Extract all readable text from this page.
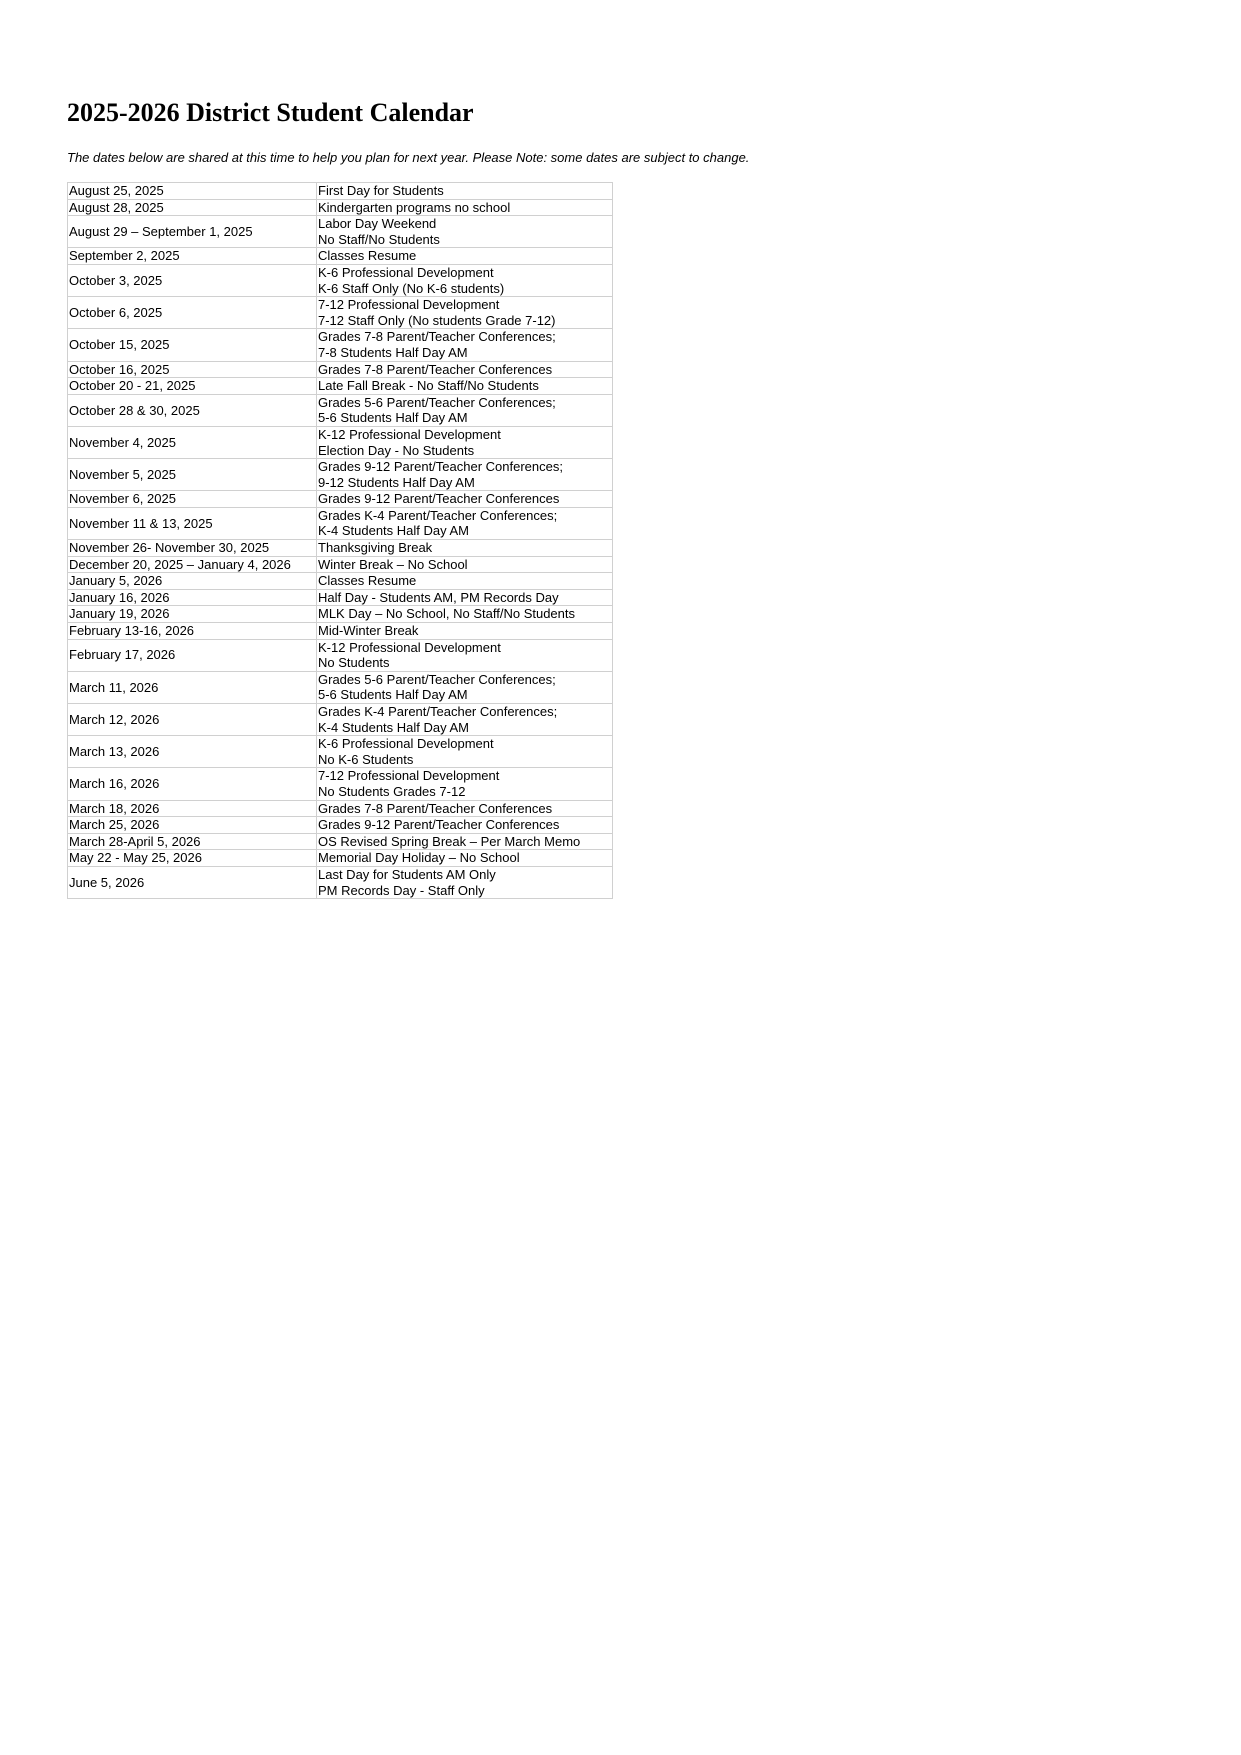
2025-2026 District Student Calendar

The dates below are shared at this time to help you plan for next year. Please Note: some dates are subject to change.

August 25, 2025	First Day for Students

August 28, 2025	Kindergarten programs no school

August 29 – September 1, 2025	Labor Day Weekend
No Staff/No Students

September 2, 2025	Classes Resume

October 3, 2025	K-6 Professional Development
K-6 Staff Only (No K-6 students)

October 6, 2025	7-12 Professional Development
7-12 Staff Only (No students Grade 7-12)

October 15, 2025	Grades 7-8 Parent/Teacher Conferences;
7-8 Students Half Day AM

October 16, 2025	Grades 7-8 Parent/Teacher Conferences

October 20 - 21, 2025	Late Fall Break - No Staff/No Students

October 28 & 30, 2025	Grades 5-6 Parent/Teacher Conferences;
5-6 Students Half Day AM

November 4, 2025	K-12 Professional Development
Election Day - No Students

November 5, 2025	Grades 9-12 Parent/Teacher Conferences;
9-12 Students Half Day AM

November 6, 2025	Grades 9-12 Parent/Teacher Conferences

November 11 & 13, 2025	Grades K-4 Parent/Teacher Conferences;
K-4 Students Half Day AM

November 26- November 30, 2025	Thanksgiving Break

December 20, 2025 – January 4, 2026	Winter Break – No School

January 5, 2026	Classes Resume

January 16, 2026	Half Day - Students AM, PM Records Day

January 19, 2026	MLK Day – No School, No Staff/No Students

February 13-16, 2026	Mid-Winter Break

February 17, 2026	K-12 Professional Development
No Students

March 11, 2026	Grades 5-6 Parent/Teacher Conferences;
5-6 Students Half Day AM

March 12, 2026	Grades K-4 Parent/Teacher Conferences;
K-4 Students Half Day AM

March 13, 2026	K-6 Professional Development
No K-6 Students

March 16, 2026	7-12 Professional Development
No Students Grades 7-12

March 18, 2026	Grades 7-8 Parent/Teacher Conferences

March 25, 2026	Grades 9-12 Parent/Teacher Conferences

March 28-April 5, 2026	OS Revised Spring Break – Per March Memo

May 22 - May 25, 2026	Memorial Day Holiday – No School

June 5, 2026	Last Day for Students AM Only
PM Records Day - Staff Only
